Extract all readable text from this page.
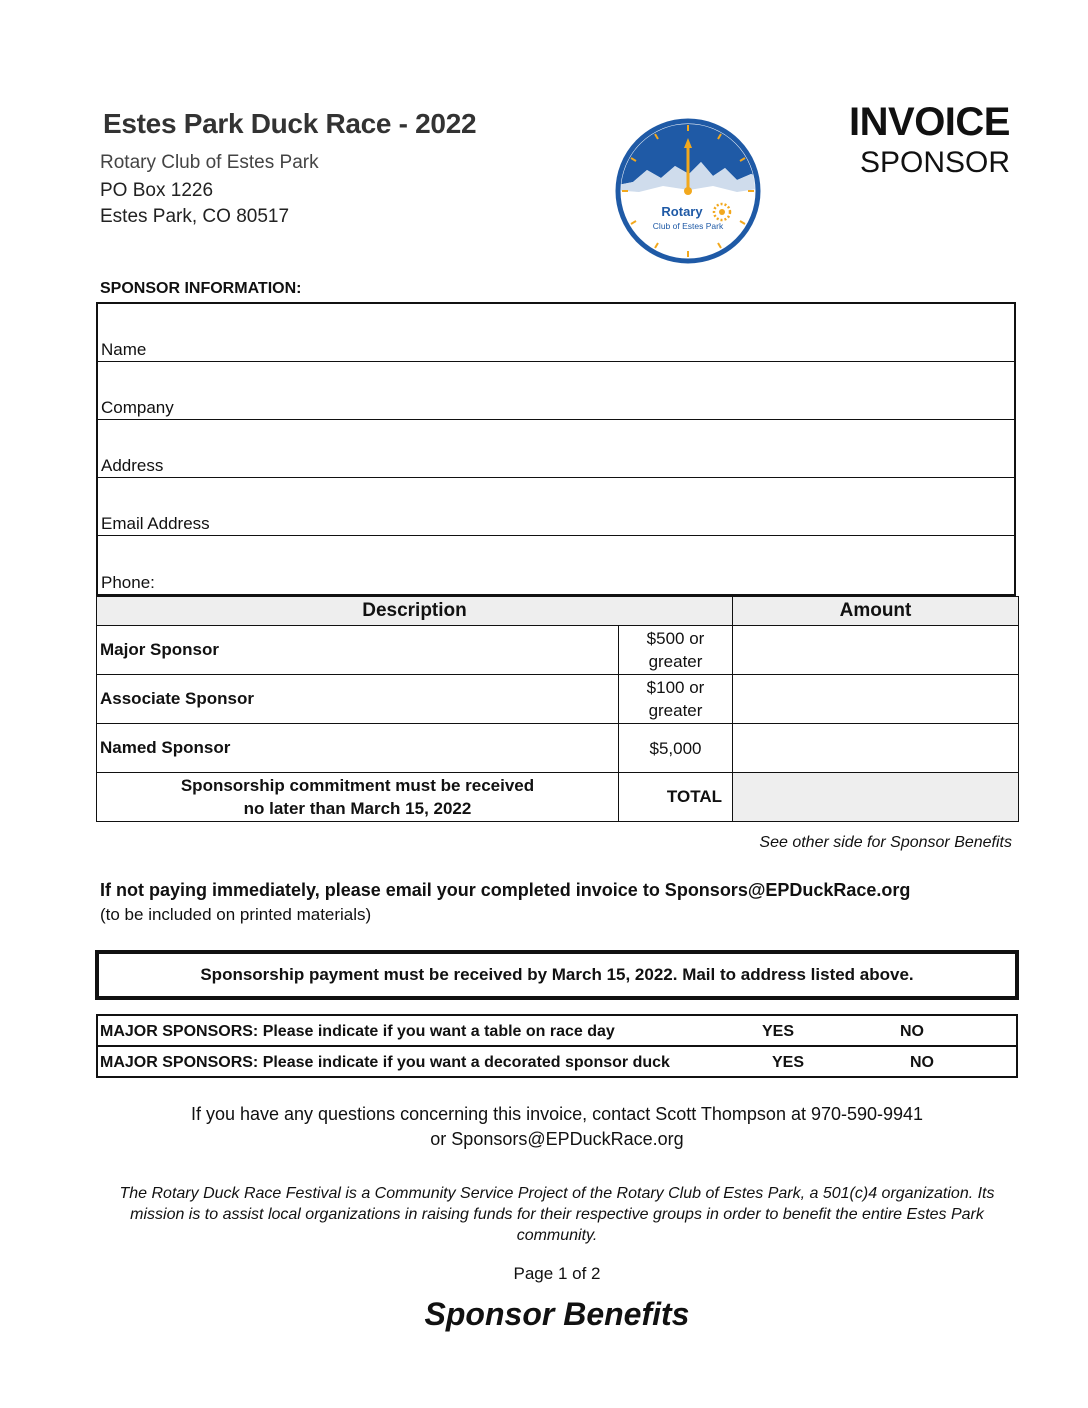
Estes Park Duck Race - 2022
Rotary Club of Estes Park
PO Box 1226
Estes Park, CO 80517	Rotary
Club of Estes Park
INVOICE
SPONSOR
SPONSOR INFORMATION:
Name
Company
Address
Email Address
Phone:
Description		Amount
Major Sponsor	$500 or greater	
Associate Sponsor	$100 or greater	
Named Sponsor	$5,000	

Sponsorship commitment must be received
no later than March 15, 2022	TOTAL	
See other side for Sponsor Benefits
If not paying immediately, please email your completed invoice to Sponsors@EPDuckRace.org
(to be included on printed materials)
Sponsorship payment must be received by March 15, 2022. Mail to address listed above.
MAJOR SPONSORS: Please indicate if you want a table on race day	YES	NO
MAJOR SPONSORS: Please indicate if you want a decorated sponsor duck	YES	NO
If you have any questions concerning this invoice, contact Scott Thompson at 970-590-9941
or Sponsors@EPDuckRace.org
The Rotary Duck Race Festival is a Community Service Project of the Rotary Club of Estes Park, a 501(c)4 organization. Its mission is to assist local organizations in raising funds for their respective groups in order to benefit the entire Estes Park community.
Page 1 of 2
Sponsor Benefits
